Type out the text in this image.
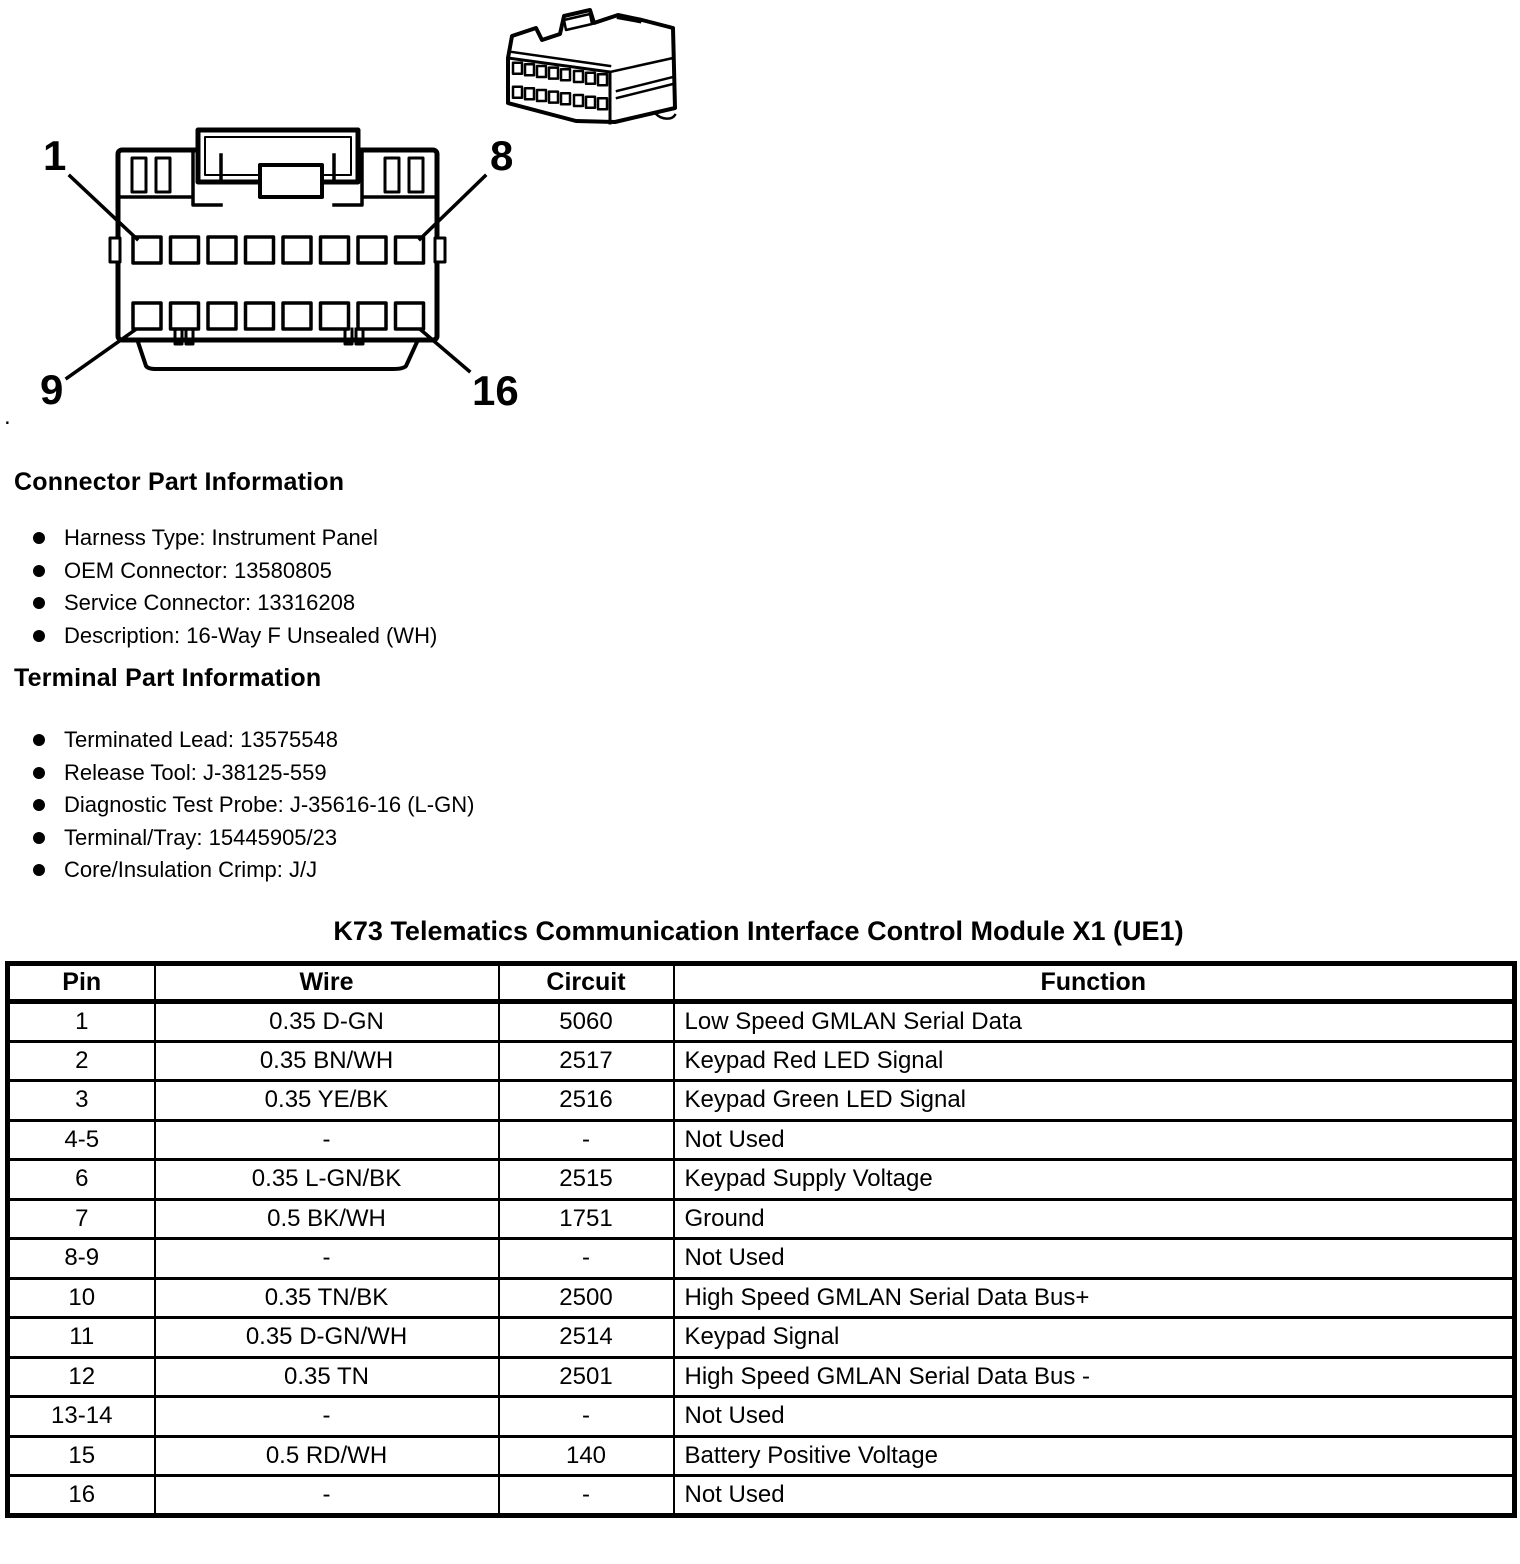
1	8
9	16
.
Connector Part Information
Harness Type: Instrument Panel
OEM Connector: 13580805
Service Connector: 13316208
Description: 16-Way F Unsealed (WH)
Terminal Part Information
Terminated Lead: 13575548
Release Tool: J-38125-559
Diagnostic Test Probe: J-35616-16 (L-GN)
Terminal/Tray: 15445905/23
Core/Insulation Crimp: J/J
K73 Telematics Communication Interface Control Module X1 (UE1)
Pin	Wire	Circuit	Function
1	0.35 D-GN	5060	Low Speed GMLAN Serial Data
2	0.35 BN/WH	2517	Keypad Red LED Signal
3	0.35 YE/BK	2516	Keypad Green LED Signal
4-5	-	-	Not Used
6	0.35 L-GN/BK	2515	Keypad Supply Voltage
7	0.5 BK/WH	1751	Ground
8-9	-	-	Not Used
10	0.35 TN/BK	2500	High Speed GMLAN Serial Data Bus+
11	0.35 D-GN/WH	2514	Keypad Signal
12	0.35 TN	2501	High Speed GMLAN Serial Data Bus -
13-14	-	-	Not Used
15	0.5 RD/WH	140	Battery Positive Voltage
16	-	-	Not Used
